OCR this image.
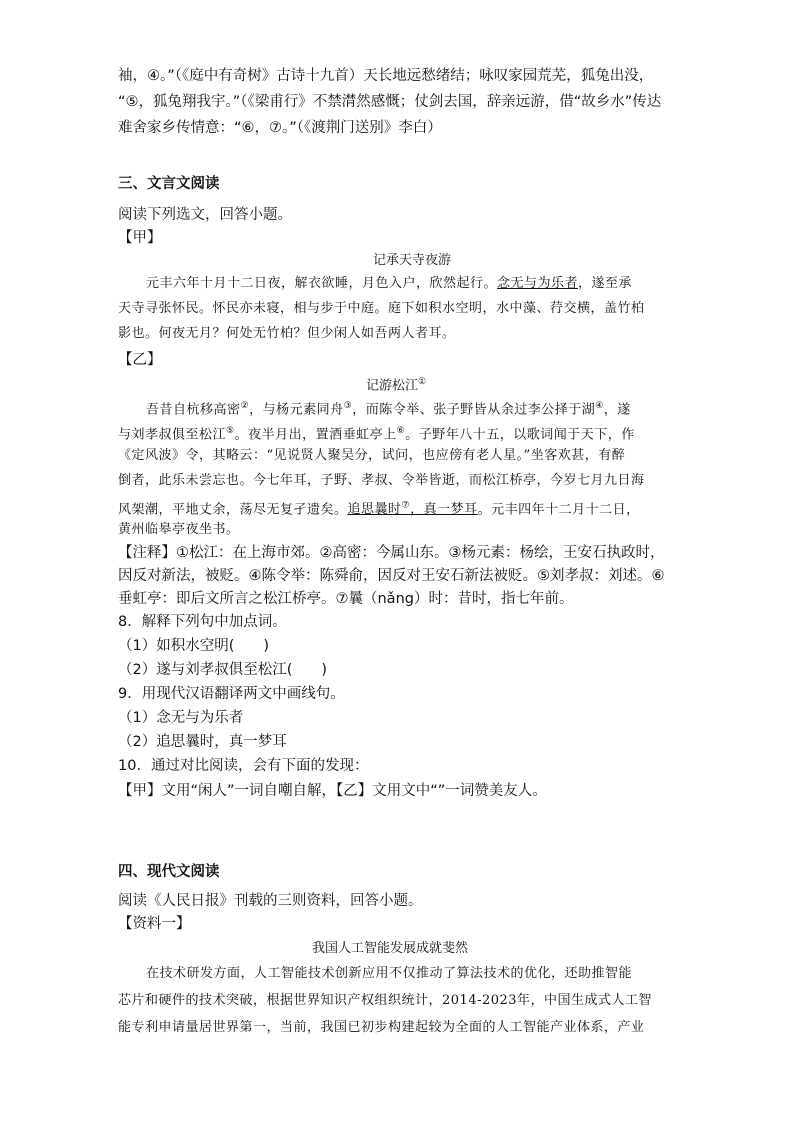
袖，④。”（《庭中有奇树》古诗十九首）天长地远愁绪结；咏叹家园荒芜，狐兔出没，
“⑤，狐兔翔我宇。”（《梁甫行》不禁潸然感慨；仗剑去国，辞亲远游，借“故乡水”传达
难舍家乡传情意：“⑥，⑦。”（《渡荆门送别》李白）
三、文言文阅读
阅读下列选文，回答小题。
【甲】
记承天寺夜游
元丰六年十月十二日夜，解衣欲睡，月色入户，欣然起行。念无与为乐者，遂至承
天寺寻张怀民。怀民亦未寝，相与步于中庭。庭下如积水空明，水中藻、荇交横，盖竹柏
影也。何夜无月？何处无竹柏？但少闲人如吾两人者耳。
【乙】
记游松江①
吾昔自杭移高密②，与杨元素同舟③，而陈令举、张子野皆从余过李公择于湖④，遂
与刘孝叔俱至松江⑤。夜半月出，置酒垂虹亭上⑥。子野年八十五，以歌词闻于天下，作
《定风波》令，其略云：“见说贤人聚吴分，试问，也应傍有老人星。”坐客欢甚，有醉
倒者，此乐未尝忘也。今七年耳，子野、孝叔、令举皆逝，而松江桥亭，今岁七月九日海
风架潮，平地丈余，荡尽无复孑遗矣。追思曩时⑦，真一梦耳。元丰四年十二月十二日，
黄州临皋亭夜坐书。
【注释】①松江：在上海市郊。②高密：今属山东。③杨元素：杨绘，王安石执政时，
因反对新法，被贬。④陈令举：陈舜俞，因反对王安石新法被贬。⑤刘孝叔：刘述。⑥
垂虹亭：即后文所言之松江桥亭。⑦曩（nǎng）时：昔时，指七年前。
8．解释下列句中加点词。
（1）如积水空明(　　)
（2）遂与刘孝叔俱至松江(　　)
9．用现代汉语翻译两文中画线句。
（1）念无与为乐者
（2）追思曩时，真一梦耳
10．通过对比阅读，会有下面的发现：
【甲】文用“闲人”一词自嘲自解，【乙】文用文中“”一词赞美友人。
四、现代文阅读
阅读《人民日报》刊载的三则资料，回答小题。
【资料一】
我国人工智能发展成就斐然
在技术研发方面，人工智能技术创新应用不仅推动了算法技术的优化，还助推智能
芯片和硬件的技术突破，根据世界知识产权组织统计，2014-2023年，中国生成式人工智
能专利申请量居世界第一，当前，我国已初步构建起较为全面的人工智能产业体系，产业
